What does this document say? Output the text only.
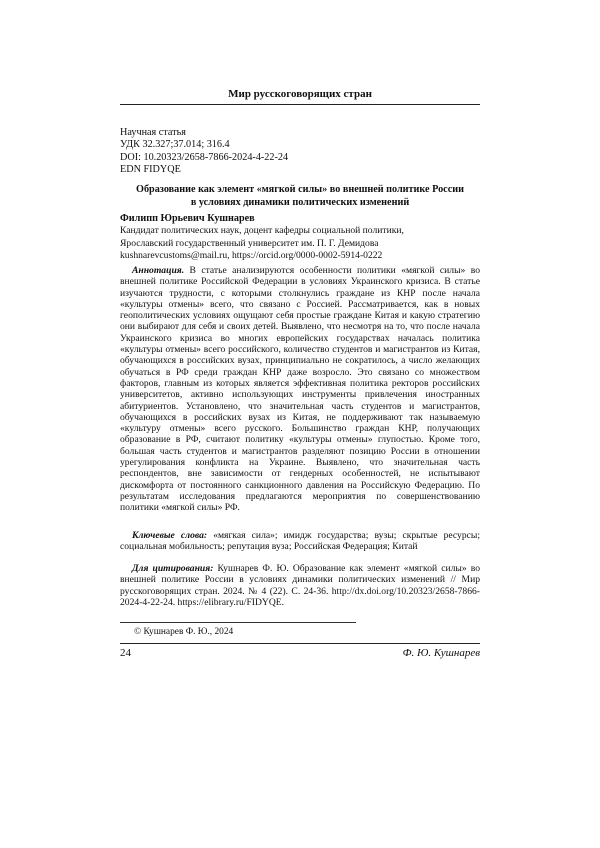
Мир русскоговорящих стран
Научная статья
УДК 32.327;37.014; 316.4
DOI: 10.20323/2658-7866-2024-4-22-24
EDN FIDYQE
Образование как элемент «мягкой силы» во внешней политике России
в условиях динамики политических изменений
Филипп Юрьевич Кушнарев
Кандидат политических наук, доцент кафедры социальной политики,
Ярославский государственный университет им. П. Г. Демидова
kushnarevcustoms@mail.ru, https://orcid.org/0000-0002-5914-0222
Аннотация. В статье анализируются особенности политики «мягкой силы» во внешней политике Российской Федерации в условиях Украинского кризиса. В статье изучаются трудности, с которыми столкнулись граждане из КНР после начала «культуры отмены» всего, что связано с Россией. Рассматривается, как в новых геополитических условиях ощущают себя простые граждане Китая и какую стратегию они выбирают для себя и своих детей. Выявлено, что несмотря на то, что после начала Украинского кризиса во многих европейских государствах началась политика «культуры отмены» всего российского, количество студентов и магистрантов из Китая, обучающихся в российских вузах, принципиально не сократилось, а число желающих обучаться в РФ среди граждан КНР даже возросло. Это связано со множеством факторов, главным из которых является эффективная политика ректоров российских университетов, активно использующих инструменты привлечения иностранных абитуриентов. Установлено, что значительная часть студентов и магистрантов, обучающихся в российских вузах из Китая, не поддерживают так называемую «культуру отмены» всего русского. Большинство граждан КНР, получающих образование в РФ, считают политику «культуры отмены» глупостью. Кроме того, большая часть студентов и магистрантов разделяют позицию России в отношении урегулирования конфликта на Украине. Выявлено, что значительная часть респондентов, вне зависимости от гендерных особенностей, не испытывают дискомфорта от постоянного санкционного давления на Российскую Федерацию. По результатам исследования предлагаются мероприятия по совершенствованию политики «мягкой силы» РФ.
Ключевые слова: «мягкая сила»; имидж государства; вузы; скрытые ресурсы; социальная мобильность; репутация вуза; Российская Федерация; Китай
Для цитирования: Кушнарев Ф. Ю. Образование как элемент «мягкой силы» во внешней политике России в условиях динамики политических изменений // Мир русскоговорящих стран. 2024. № 4 (22). С. 24-36. http://dx.doi.org/10.20323/2658-7866-2024-4-22-24. https://elibrary.ru/FIDYQE.
© Кушнарев Ф. Ю., 2024
24	Ф. Ю. Кушнарев
